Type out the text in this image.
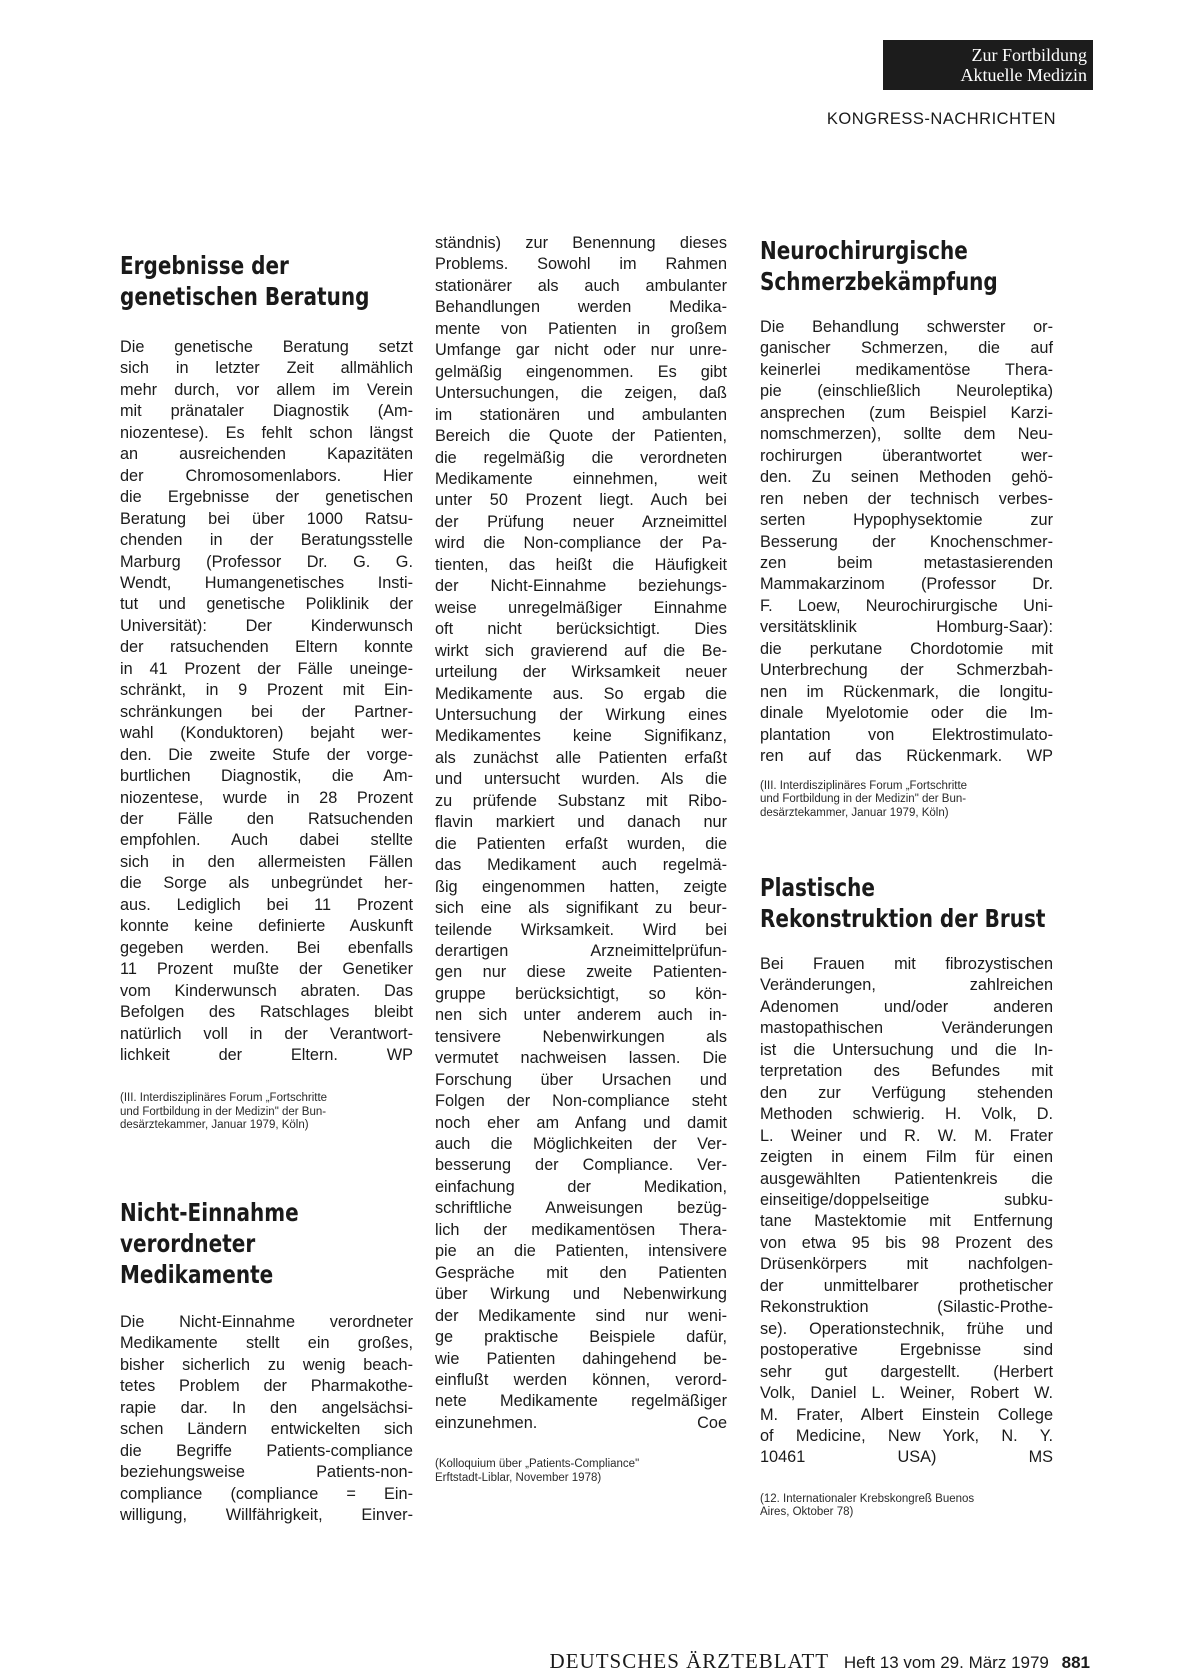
Zur Fortbildung
Aktuelle Medizin
KONGRESS-NACHRICHTEN
Ergebnisse der
genetischen Beratung

Die genetische Beratung setzt
sich in letzter Zeit allmählich
mehr durch, vor allem im Verein
mit pränataler Diagnostik (Am-
niozentese). Es fehlt schon längst
an ausreichenden Kapazitäten
der Chromosomenlabors. Hier
die Ergebnisse der genetischen
Beratung bei über 1000 Ratsu-
chenden in der Beratungsstelle
Marburg (Professor Dr. G. G.
Wendt, Humangenetisches Insti-
tut und genetische Poliklinik der
Universität): Der Kinderwunsch
der ratsuchenden Eltern konnte
in 41 Prozent der Fälle uneinge-
schränkt, in 9 Prozent mit Ein-
schränkungen bei der Partner-
wahl (Konduktoren) bejaht wer-
den. Die zweite Stufe der vorge-
burtlichen Diagnostik, die Am-
niozentese, wurde in 28 Prozent
der Fälle den Ratsuchenden
empfohlen. Auch dabei stellte
sich in den allermeisten Fällen
die Sorge als unbegründet her-
aus. Lediglich bei 11 Prozent
konnte keine definierte Auskunft
gegeben werden. Bei ebenfalls
11 Prozent mußte der Genetiker
vom Kinderwunsch abraten. Das
Befolgen des Ratschlages bleibt
natürlich voll in der Verantwort-

lichkeit der Eltern.	WP

(III. Interdisziplinäres Forum „Fortschritte
und Fortbildung in der Medizin" der Bun-
desärztekammer, Januar 1979, Köln)

Nicht-Einnahme
verordneter
Medikamente

Die Nicht-Einnahme verordneter
Medikamente stellt ein großes,
bisher sicherlich zu wenig beach-
tetes Problem der Pharmakothe-
rapie dar. In den angelsächsi-
schen Ländern entwickelten sich
die Begriffe Patients-compliance
beziehungsweise Patients-non-
compliance (compliance = Ein-
willigung, Willfährigkeit, Einver-

ständnis) zur Benennung dieses
Problems. Sowohl im Rahmen
stationärer als auch ambulanter
Behandlungen werden Medika-
mente von Patienten in großem
Umfange gar nicht oder nur unre-
gelmäßig eingenommen. Es gibt
Untersuchungen, die zeigen, daß
im stationären und ambulanten
Bereich die Quote der Patienten,
die regelmäßig die verordneten
Medikamente einnehmen, weit
unter 50 Prozent liegt. Auch bei
der Prüfung neuer Arzneimittel
wird die Non-compliance der Pa-
tienten, das heißt die Häufigkeit
der Nicht-Einnahme beziehungs-
weise unregelmäßiger Einnahme
oft nicht berücksichtigt. Dies
wirkt sich gravierend auf die Be-
urteilung der Wirksamkeit neuer
Medikamente aus. So ergab die
Untersuchung der Wirkung eines
Medikamentes keine Signifikanz,
als zunächst alle Patienten erfaßt
und untersucht wurden. Als die
zu prüfende Substanz mit Ribo-
flavin markiert und danach nur
die Patienten erfaßt wurden, die
das Medikament auch regelmä-
ßig eingenommen hatten, zeigte
sich eine als signifikant zu beur-
teilende Wirksamkeit. Wird bei
derartigen Arzneimittelprüfun-
gen nur diese zweite Patienten-
gruppe berücksichtigt, so kön-
nen sich unter anderem auch in-
tensivere Nebenwirkungen als
vermutet nachweisen lassen. Die
Forschung über Ursachen und
Folgen der Non-compliance steht
noch eher am Anfang und damit
auch die Möglichkeiten der Ver-
besserung der Compliance. Ver-
einfachung der Medikation,
schriftliche Anweisungen bezüg-
lich der medikamentösen Thera-
pie an die Patienten, intensivere
Gespräche mit den Patienten
über Wirkung und Nebenwirkung
der Medikamente sind nur weni-
ge praktische Beispiele dafür,
wie Patienten dahingehend be-
einflußt werden können, verord-
nete Medikamente regelmäßiger

einzunehmen.	Coe

(Kolloquium über „Patients-Compliance"
Erftstadt-Liblar, November 1978)

Neurochirurgische
Schmerzbekämpfung

Die Behandlung schwerster or-
ganischer Schmerzen, die auf
keinerlei medikamentöse Thera-
pie (einschließlich Neuroleptika)
ansprechen (zum Beispiel Karzi-
nomschmerzen), sollte dem Neu-
rochirurgen überantwortet wer-
den. Zu seinen Methoden gehö-
ren neben der technisch verbes-
serten Hypophysektomie zur
Besserung der Knochenschmer-
zen beim metastasierenden
Mammakarzinom (Professor Dr.
F. Loew, Neurochirurgische Uni-
versitätsklinik Homburg-Saar):
die perkutane Chordotomie mit
Unterbrechung der Schmerzbah-
nen im Rückenmark, die longitu-
dinale Myelotomie oder die Im-
plantation von Elektrostimulato-

ren auf das Rückenmark. WP

(III. Interdisziplinäres Forum „Fortschritte
und Fortbildung in der Medizin" der Bun-
desärztekammer, Januar 1979, Köln)

Plastische
Rekonstruktion der Brust

Bei Frauen mit fibrozystischen
Veränderungen, zahlreichen
Adenomen und/oder anderen
mastopathischen Veränderungen
ist die Untersuchung und die In-
terpretation des Befundes mit
den zur Verfügung stehenden
Methoden schwierig. H. Volk, D.
L. Weiner und R. W. M. Frater
zeigten in einem Film für einen
ausgewählten Patientenkreis die
einseitige/doppelseitige subku-
tane Mastektomie mit Entfernung
von etwa 95 bis 98 Prozent des
Drüsenkörpers mit nachfolgen-
der unmittelbarer prothetischer
Rekonstruktion (Silastic-Prothe-
se). Operationstechnik, frühe und
postoperative Ergebnisse sind
sehr gut dargestellt. (Herbert
Volk, Daniel L. Weiner, Robert W.
M. Frater, Albert Einstein College
of Medicine, New York, N. Y.

10461 USA)	MS

(12. Internationaler Krebskongreß Buenos
Aires, Oktober 78)

DEUTSCHES ÄRZTEBLATT Heft 13 vom 29. März 1979 881
